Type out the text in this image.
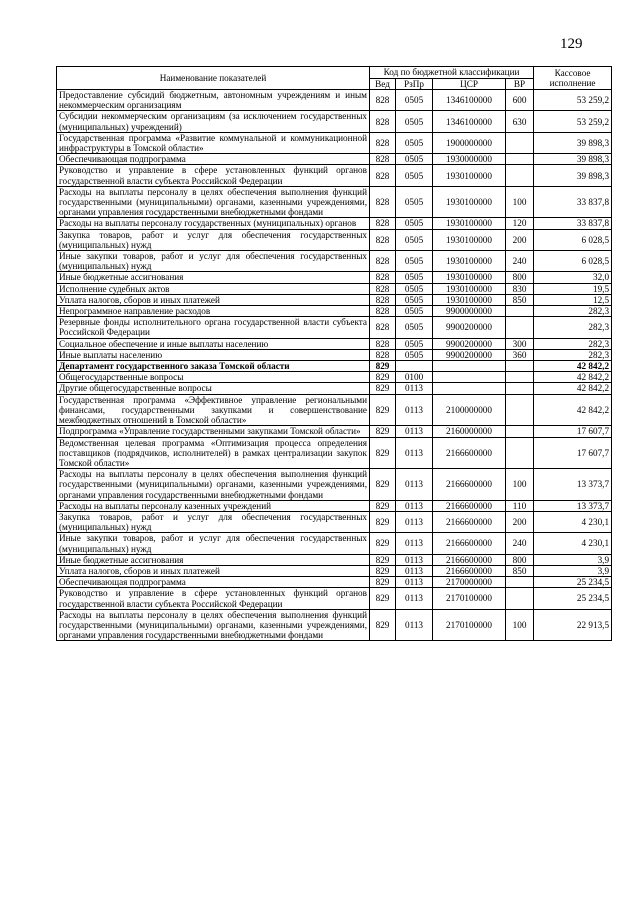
129
Наименование показателей	Код по бюджетной классификации				Кассовое исполнение
	Вед	РзПр	ЦСР	ВР	
Предоставление субсидий бюджетным, автономным учреждениям и иным некоммерческим организациям	828	0505	1346100000	600	53 259,2
Субсидии некоммерческим организациям (за исключением государственных (муниципальных) учреждений)	828	0505	1346100000	630	53 259,2
Государственная программа «Развитие коммунальной и коммуникационной инфраструктуры в Томской области»	828	0505	1900000000		39 898,3
Обеспечивающая подпрограмма	828	0505	1930000000		39 898,3
Руководство и управление в сфере установленных функций органов государственной власти субъекта Российской Федерации	828	0505	1930100000		39 898,3
Расходы на выплаты персоналу в целях обеспечения выполнения функций государственными (муниципальными) органами, казенными учреждениями, органами управления государственными внебюджетными фондами	828	0505	1930100000	100	33 837,8
Расходы на выплаты персоналу государственных (муниципальных) органов	828	0505	1930100000	120	33 837,8
Закупка товаров, работ и услуг для обеспечения государственных (муниципальных) нужд	828	0505	1930100000	200	6 028,5
Иные закупки товаров, работ и услуг для обеспечения государственных (муниципальных) нужд	828	0505	1930100000	240	6 028,5
Иные бюджетные ассигнования	828	0505	1930100000	800	32,0
Исполнение судебных актов	828	0505	1930100000	830	19,5
Уплата налогов, сборов и иных платежей	828	0505	1930100000	850	12,5
Непрограммное направление расходов	828	0505	9900000000		282,3
Резервные фонды исполнительного органа государственной власти субъекта Российской Федерации	828	0505	9900200000		282,3
Социальное обеспечение и иные выплаты населению	828	0505	9900200000	300	282,3
Иные выплаты населению	828	0505	9900200000	360	282,3
Департамент государственного заказа Томской области	829				42 842,2
Общегосударственные вопросы	829	0100			42 842,2
Другие общегосударственные вопросы	829	0113			42 842,2
Государственная программа «Эффективное управление региональными финансами, государственными закупками и совершенствование межбюджетных отношений в Томской области»	829	0113	2100000000		42 842,2
Подпрограмма «Управление государственными закупками Томской области»	829	0113	2160000000		17 607,7
Ведомственная целевая программа «Оптимизация процесса определения поставщиков (подрядчиков, исполнителей) в рамках централизации закупок Томской области»	829	0113	2166600000		17 607,7
Расходы на выплаты персоналу в целях обеспечения выполнения функций государственными (муниципальными) органами, казенными учреждениями, органами управления государственными внебюджетными фондами	829	0113	2166600000	100	13 373,7
Расходы на выплаты персоналу казенных учреждений	829	0113	2166600000	110	13 373,7
Закупка товаров, работ и услуг для обеспечения государственных (муниципальных) нужд	829	0113	2166600000	200	4 230,1
Иные закупки товаров, работ и услуг для обеспечения государственных (муниципальных) нужд	829	0113	2166600000	240	4 230,1
Иные бюджетные ассигнования	829	0113	2166600000	800	3,9
Уплата налогов, сборов и иных платежей	829	0113	2166600000	850	3,9
Обеспечивающая подпрограмма	829	0113	2170000000		25 234,5
Руководство и управление в сфере установленных функций органов государственной власти субъекта Российской Федерации	829	0113	2170100000		25 234,5
Расходы на выплаты персоналу в целях обеспечения выполнения функций государственными (муниципальными) органами, казенными учреждениями, органами управления государственными внебюджетными фондами	829	0113	2170100000	100	22 913,5
